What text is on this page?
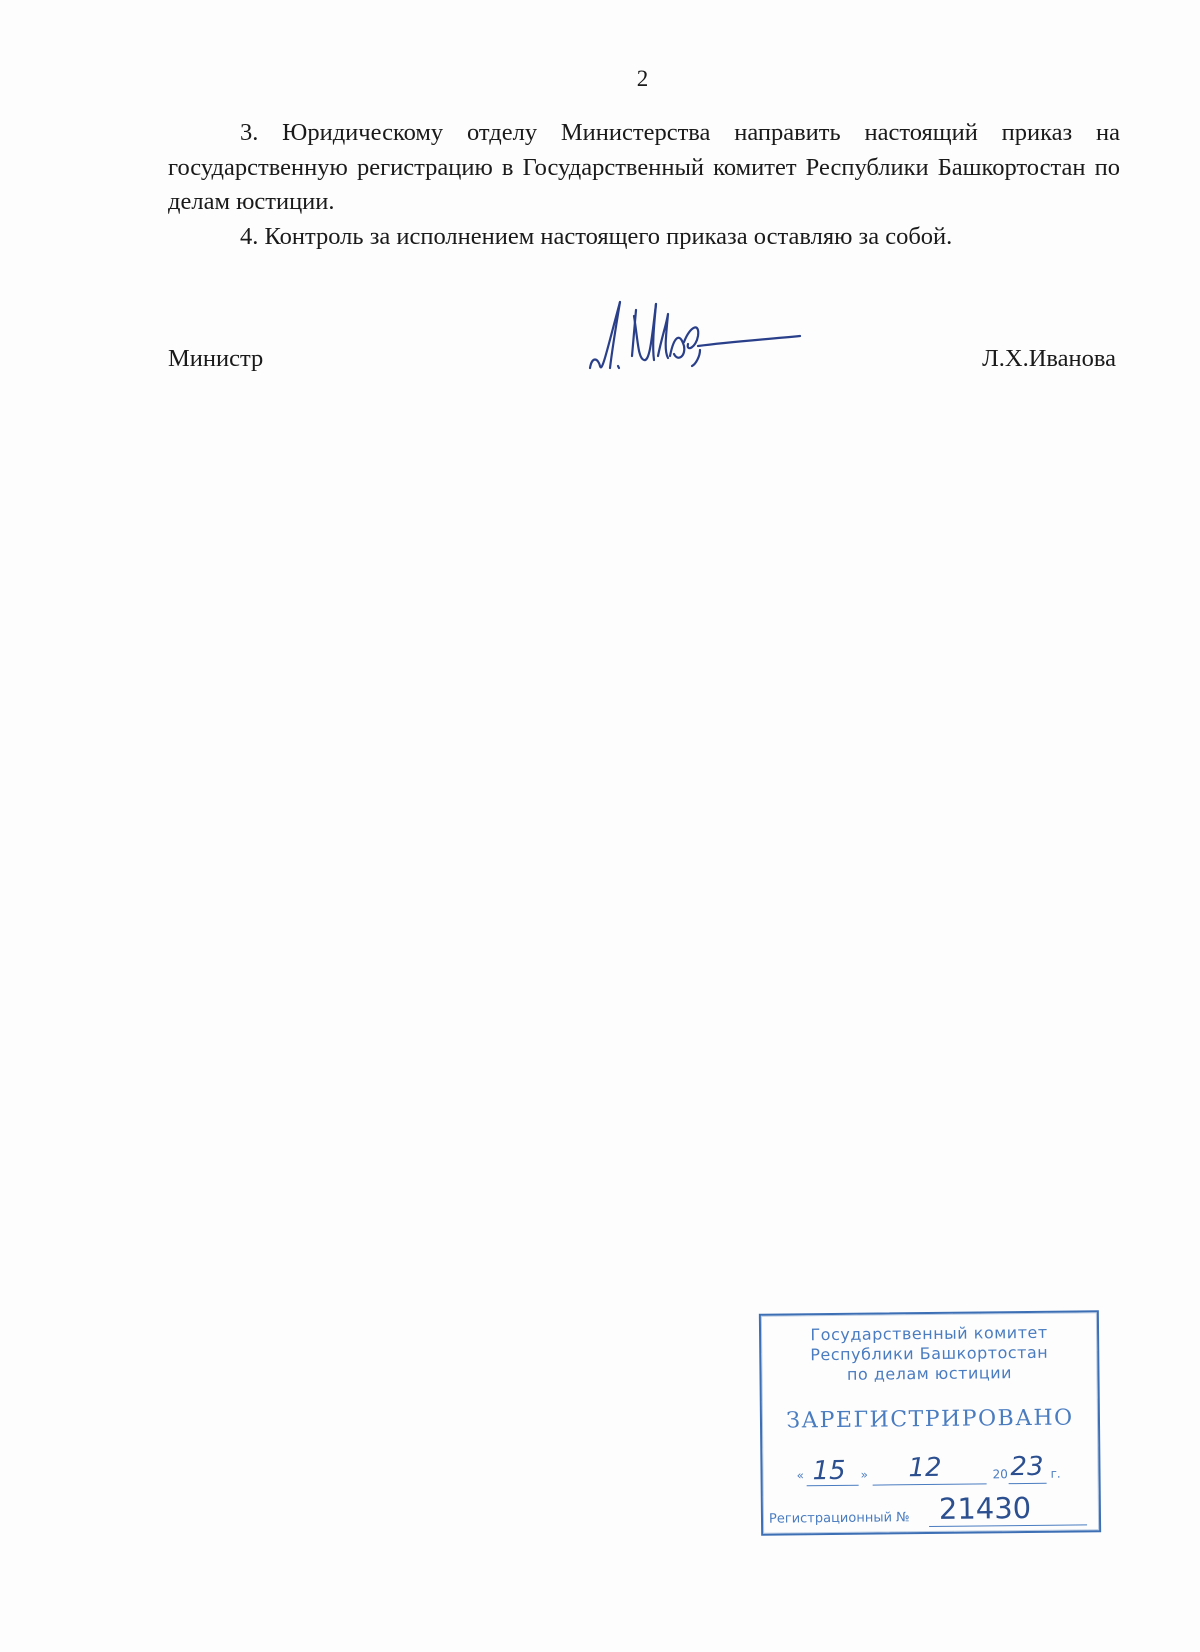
2

3. Юридическому отделу Министерства направить настоящий приказ на государственную регистрацию в Государственный комитет Республики Башкортостан по делам юстиции.

4. Контроль за исполнением настоящего приказа оставляю за собой.

Министр	Л.Х.Иванова
Государственный комитет
Республики Башкортостан
по делам юстиции
ЗАРЕГИСТРИРОВАНО
« 15 » 12	20 23 г.
Регистрационный № 21430
